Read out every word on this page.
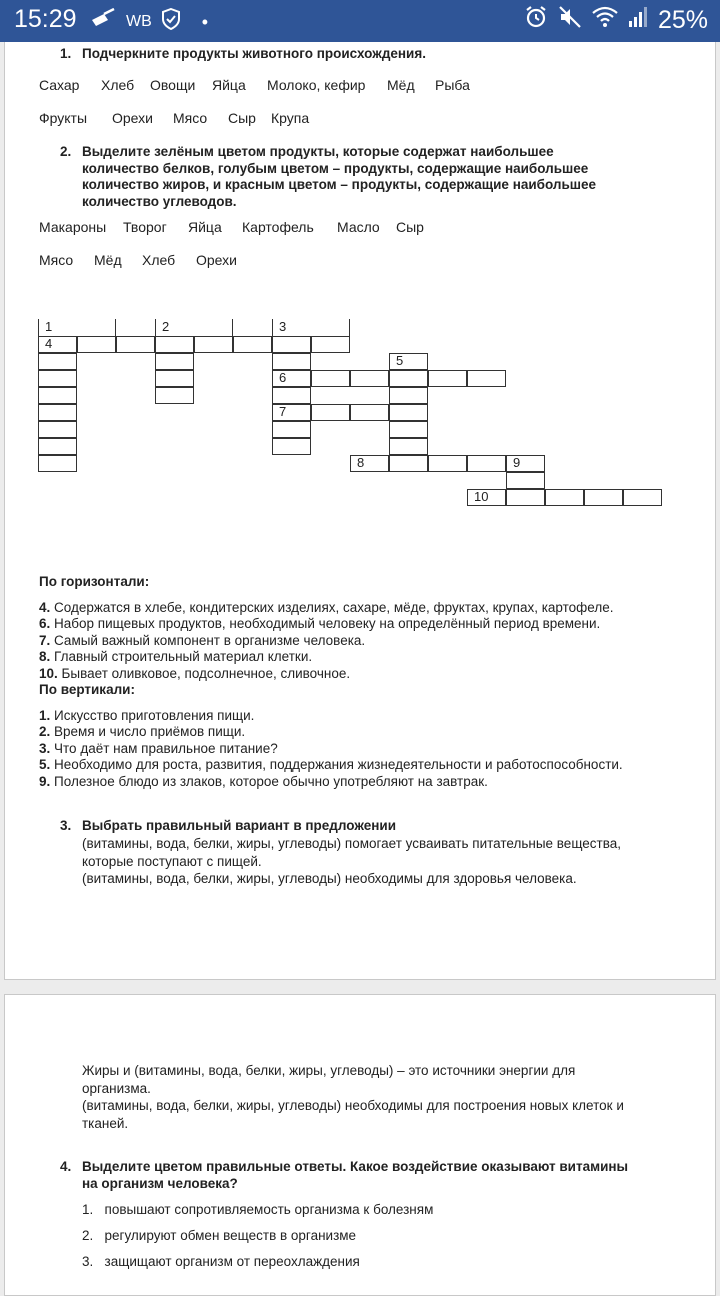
15:29	WB	•	25%
1. Подчеркните продукты животного происхождения.
Сахар	Хлеб	Овощи	Яйца	Молоко, кефир	Мёд	Рыба
Фрукты	Орехи	Мясо	Сыр	Крупа
2. Выделите зелёным цветом продукты, которые содержат наибольшее
количество белков, голубым цветом – продукты, содержащие наибольшее
количество жиров, и красным цветом – продукты, содержащие наибольшее
количество углеводов.
Макароны	Творог	Яйца	Картофель	Масло	Сыр
Мясо	Мёд	Хлеб	Орехи
1	2	3
4
5
6
7
8	9
10
По горизонтали:
4. Содержатся в хлебе, кондитерских изделиях, сахаре, мёде, фруктах, крупах, картофеле.
6. Набор пищевых продуктов, необходимый человеку на определённый период времени.
7. Самый важный компонент в организме человека.
8. Главный строительный материал клетки.
10. Бывает оливковое, подсолнечное, сливочное.
По вертикали:
1. Искусство приготовления пищи.
2. Время и число приёмов пищи.
3. Что даёт нам правильное питание?
5. Необходимо для роста, развития, поддержания жизнедеятельности и работоспособности.
9. Полезное блюдо из злаков, которое обычно употребляют на завтрак.
3. Выбрать правильный вариант в предложении
(витамины, вода, белки, жиры, углеводы) помогает усваивать питательные вещества,
которые поступают с пищей.
(витамины, вода, белки, жиры, углеводы) необходимы для здоровья человека.
Жиры и (витамины, вода, белки, жиры, углеводы) – это источники энергии для
организма.
(витамины, вода, белки, жиры, углеводы) необходимы для построения новых клеток и
тканей.
4. Выделите цветом правильные ответы. Какое воздействие оказывают витамины
на организм человека?
1. повышают сопротивляемость организма к болезням
2. регулируют обмен веществ в организме
3. защищают организм от переохлаждения
